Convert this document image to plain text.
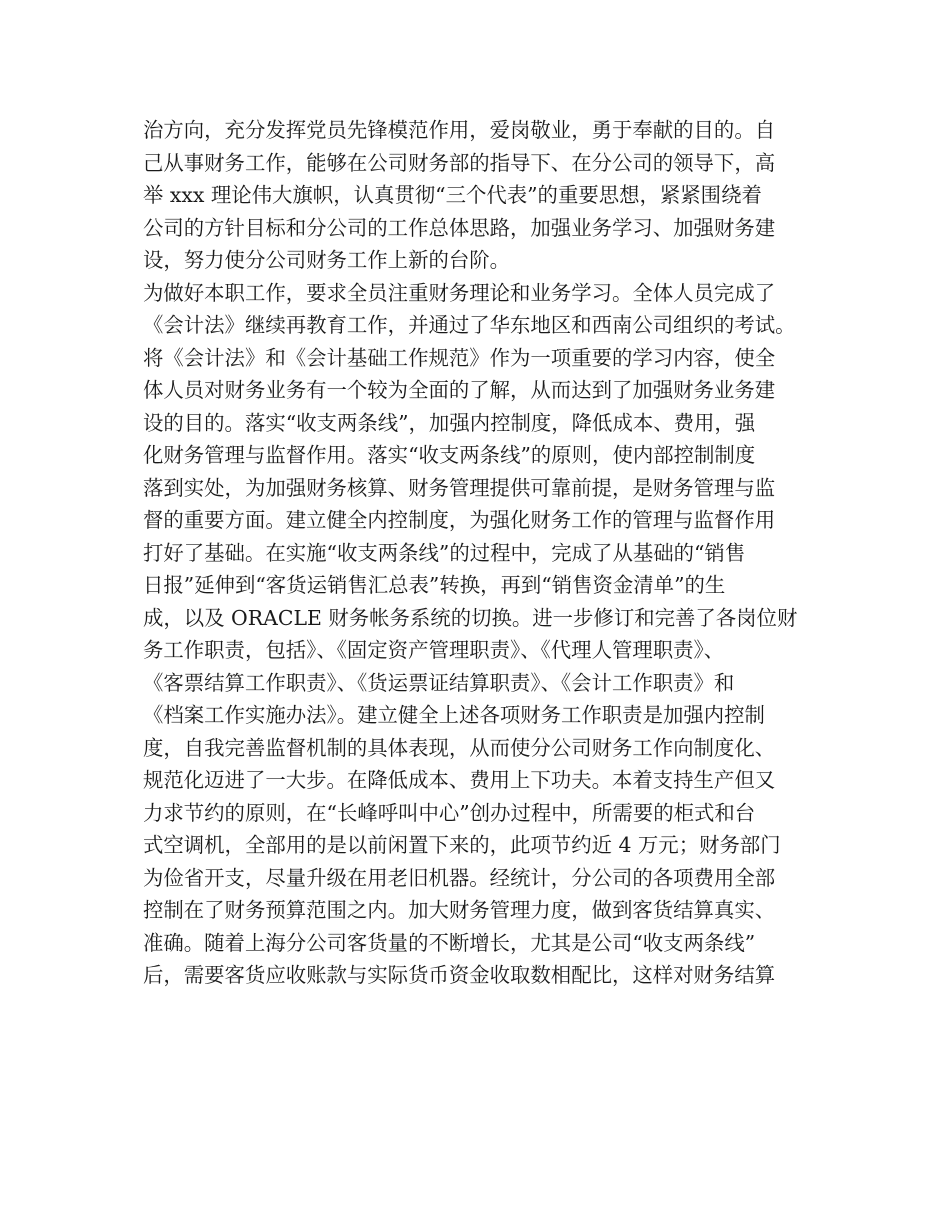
治方向，充分发挥党员先锋模范作用，爱岗敬业，勇于奉献的目的。自
己从事财务工作，能够在公司财务部的指导下、在分公司的领导下，高
举 xxx 理论伟大旗帜，认真贯彻“三个代表”的重要思想，紧紧围绕着
公司的方针目标和分公司的工作总体思路，加强业务学习、加强财务建
设，努力使分公司财务工作上新的台阶。
为做好本职工作，要求全员注重财务理论和业务学习。全体人员完成了
《会计法》继续再教育工作，并通过了华东地区和西南公司组织的考试。
将《会计法》和《会计基础工作规范》作为一项重要的学习内容，使全
体人员对财务业务有一个较为全面的了解，从而达到了加强财务业务建
设的目的。落实“收支两条线”，加强内控制度，降低成本、费用，强
化财务管理与监督作用。落实“收支两条线”的原则，使内部控制制度
落到实处，为加强财务核算、财务管理提供可靠前提，是财务管理与监
督的重要方面。建立健全内控制度，为强化财务工作的管理与监督作用
打好了基础。在实施“收支两条线”的过程中，完成了从基础的“销售
日报”延伸到“客货运销售汇总表”转换，再到“销售资金清单”的生
成，以及 ORACLE 财务帐务系统的切换。进一步修订和完善了各岗位财
务工作职责，包括》、《固定资产管理职责》、《代理人管理职责》、
《客票结算工作职责》、《货运票证结算职责》、《会计工作职责》和
《档案工作实施办法》。建立健全上述各项财务工作职责是加强内控制
度，自我完善监督机制的具体表现，从而使分公司财务工作向制度化、
规范化迈进了一大步。在降低成本、费用上下功夫。本着支持生产但又
力求节约的原则，在“长峰呼叫中心”创办过程中，所需要的柜式和台
式空调机，全部用的是以前闲置下来的，此项节约近 4 万元；财务部门
为俭省开支，尽量升级在用老旧机器。经统计，分公司的各项费用全部
控制在了财务预算范围之内。加大财务管理力度，做到客货结算真实、
准确。随着上海分公司客货量的不断增长，尤其是公司“收支两条线”
后，需要客货应收账款与实际货币资金收取数相配比，这样对财务结算
